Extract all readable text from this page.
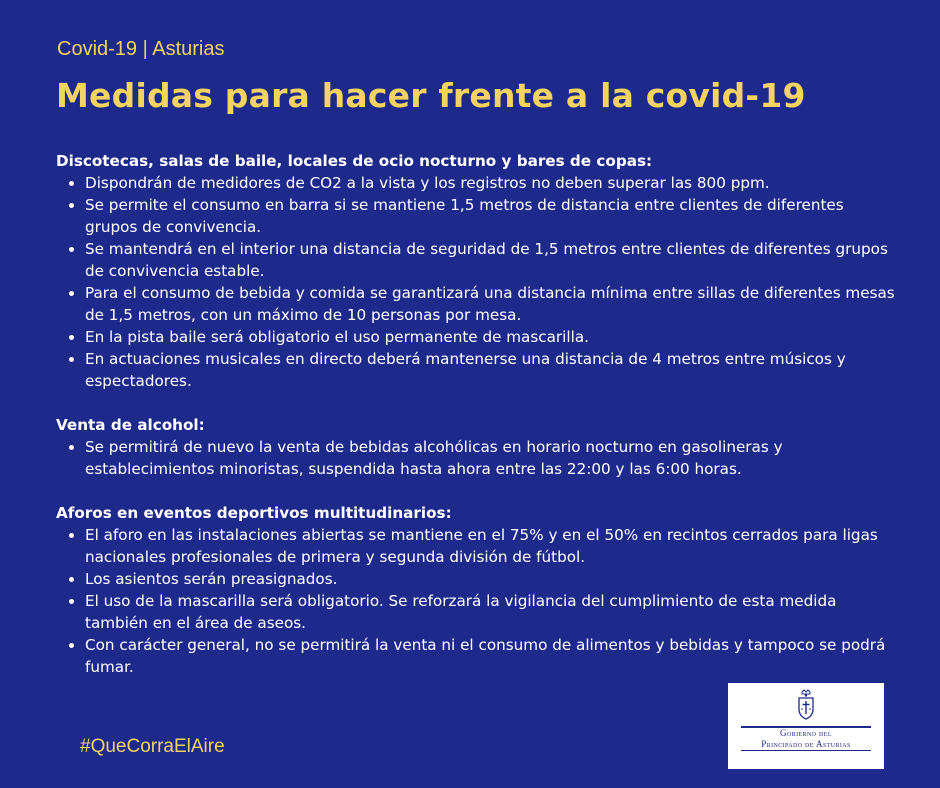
Covid-19 | Asturias
Medidas para hacer frente a la covid-19

Discotecas, salas de baile, locales de ocio nocturno y bares de copas:

• Dispondrán de medidores de CO2 a la vista y los registros no deben superar las 800 ppm.
• Se permite el consumo en barra si se mantiene 1,5 metros de distancia entre clientes de diferentes grupos de convivencia.
• Se mantendrá en el interior una distancia de seguridad de 1,5 metros entre clientes de diferentes grupos de convivencia estable.
• Para el consumo de bebida y comida se garantizará una distancia mínima entre sillas de diferentes mesas de 1,5 metros, con un máximo de 10 personas por mesa.
• En la pista baile será obligatorio el uso permanente de mascarilla.
• En actuaciones musicales en directo deberá mantenerse una distancia de 4 metros entre músicos y espectadores.

Venta de alcohol:

• Se permitirá de nuevo la venta de bebidas alcohólicas en horario nocturno en gasolineras y establecimientos minoristas, suspendida hasta ahora entre las 22:00 y las 6:00 horas.

Aforos en eventos deportivos multitudinarios:

• El aforo en las instalaciones abiertas se mantiene en el 75% y en el 50% en recintos cerrados para ligas nacionales profesionales de primera y segunda división de fútbol.
• Los asientos serán preasignados.
• El uso de la mascarilla será obligatorio. Se reforzará la vigilancia del cumplimiento de esta medida también en el área de aseos.
• Con carácter general, no se permitirá la venta ni el consumo de alimentos y bebidas y tampoco se podrá fumar.
#QueCorraElAire
Gobierno del
Principado de Asturias
